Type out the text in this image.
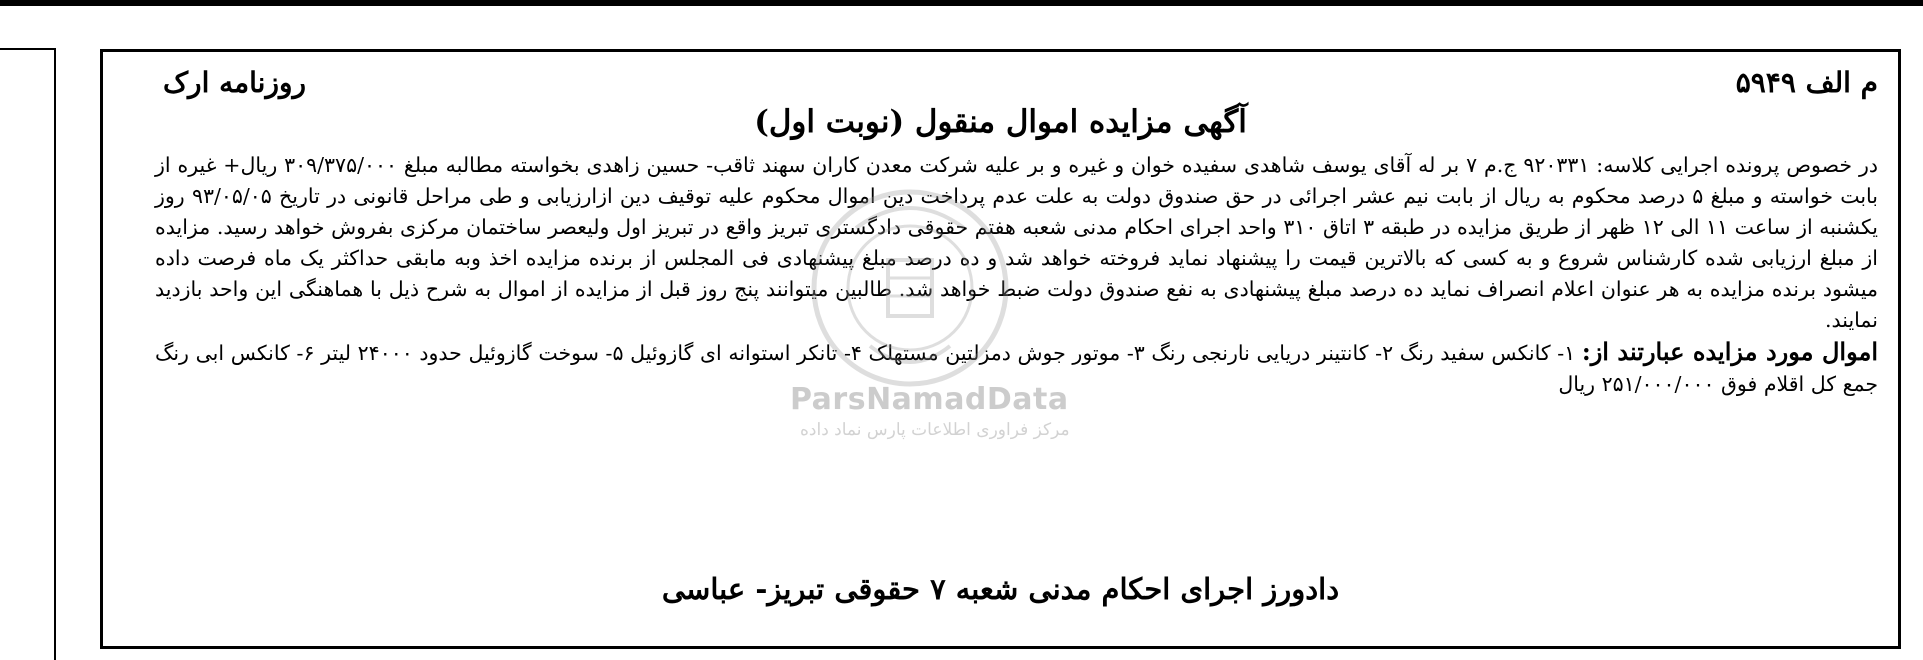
م الف ۵۹۴۹
روزنامه ارک
آگهی مزایده اموال منقول (نوبت اول)

در خصوص پرونده اجرایی کلاسه: ۹۲۰۳۳۱ ج.م ۷ بر له آقای یوسف شاهدی سفیده خوان و غیره و بر علیه شرکت معدن کاران سهند ثاقب- حسین زاهدی بخواسته مطالبه مبلغ ۳۰۹/۳۷۵/۰۰۰ ریال+ غیره از بابت خواسته و مبلغ ۵ درصد محکوم به ریال از بابت نیم عشر اجرائی در حق صندوق دولت به علت عدم پرداخت دین اموال محکوم علیه توقیف دین ازارزیابی و طی مراحل قانونی در تاریخ ۹۳/۰۵/۰۵ روز یکشنبه از ساعت ۱۱ الی ۱۲ ظهر از طریق مزایده در طبقه ۳ اتاق ۳۱۰ واحد اجرای احکام مدنی شعبه هفتم حقوقی دادگستری تبریز واقع در تبریز اول ولیعصر ساختمان مرکزی بفروش خواهد رسید. مزایده از مبلغ ارزیابی شده کارشناس شروع و به کسی که بالاترین قیمت را پیشنهاد نماید فروخته خواهد شد و ده درصد مبلغ پیشنهادی فی المجلس از برنده مزایده اخذ وبه مابقی حداکثر یک ماه فرصت داده میشود برنده مزایده به هر عنوان اعلام انصراف نماید ده درصد مبلغ پیشنهادی به نفع صندوق دولت ضبط خواهد شد. طالبین میتوانند پنج روز قبل از مزایده از اموال به شرح ذیل با هماهنگی این واحد بازدید نمایند.

اموال مورد مزایده عبارتند از: ۱- کانکس سفید رنگ ۲- کانتینر دریایی نارنجی رنگ ۳- موتور جوش دمزلتین مستهلک ۴- تانکر استوانه ای گازوئیل ۵- سوخت گازوئیل حدود ۲۴۰۰۰ لیتر ۶- کانکس ابی رنگ جمع کل اقلام فوق ۲۵۱/۰۰۰/۰۰۰ ریال

دادورز اجرای احکام مدنی شعبه ۷ حقوقی تبریز- عباسی
ParsNamadData
مرکز فراوری اطلاعات پارس نماد داده
